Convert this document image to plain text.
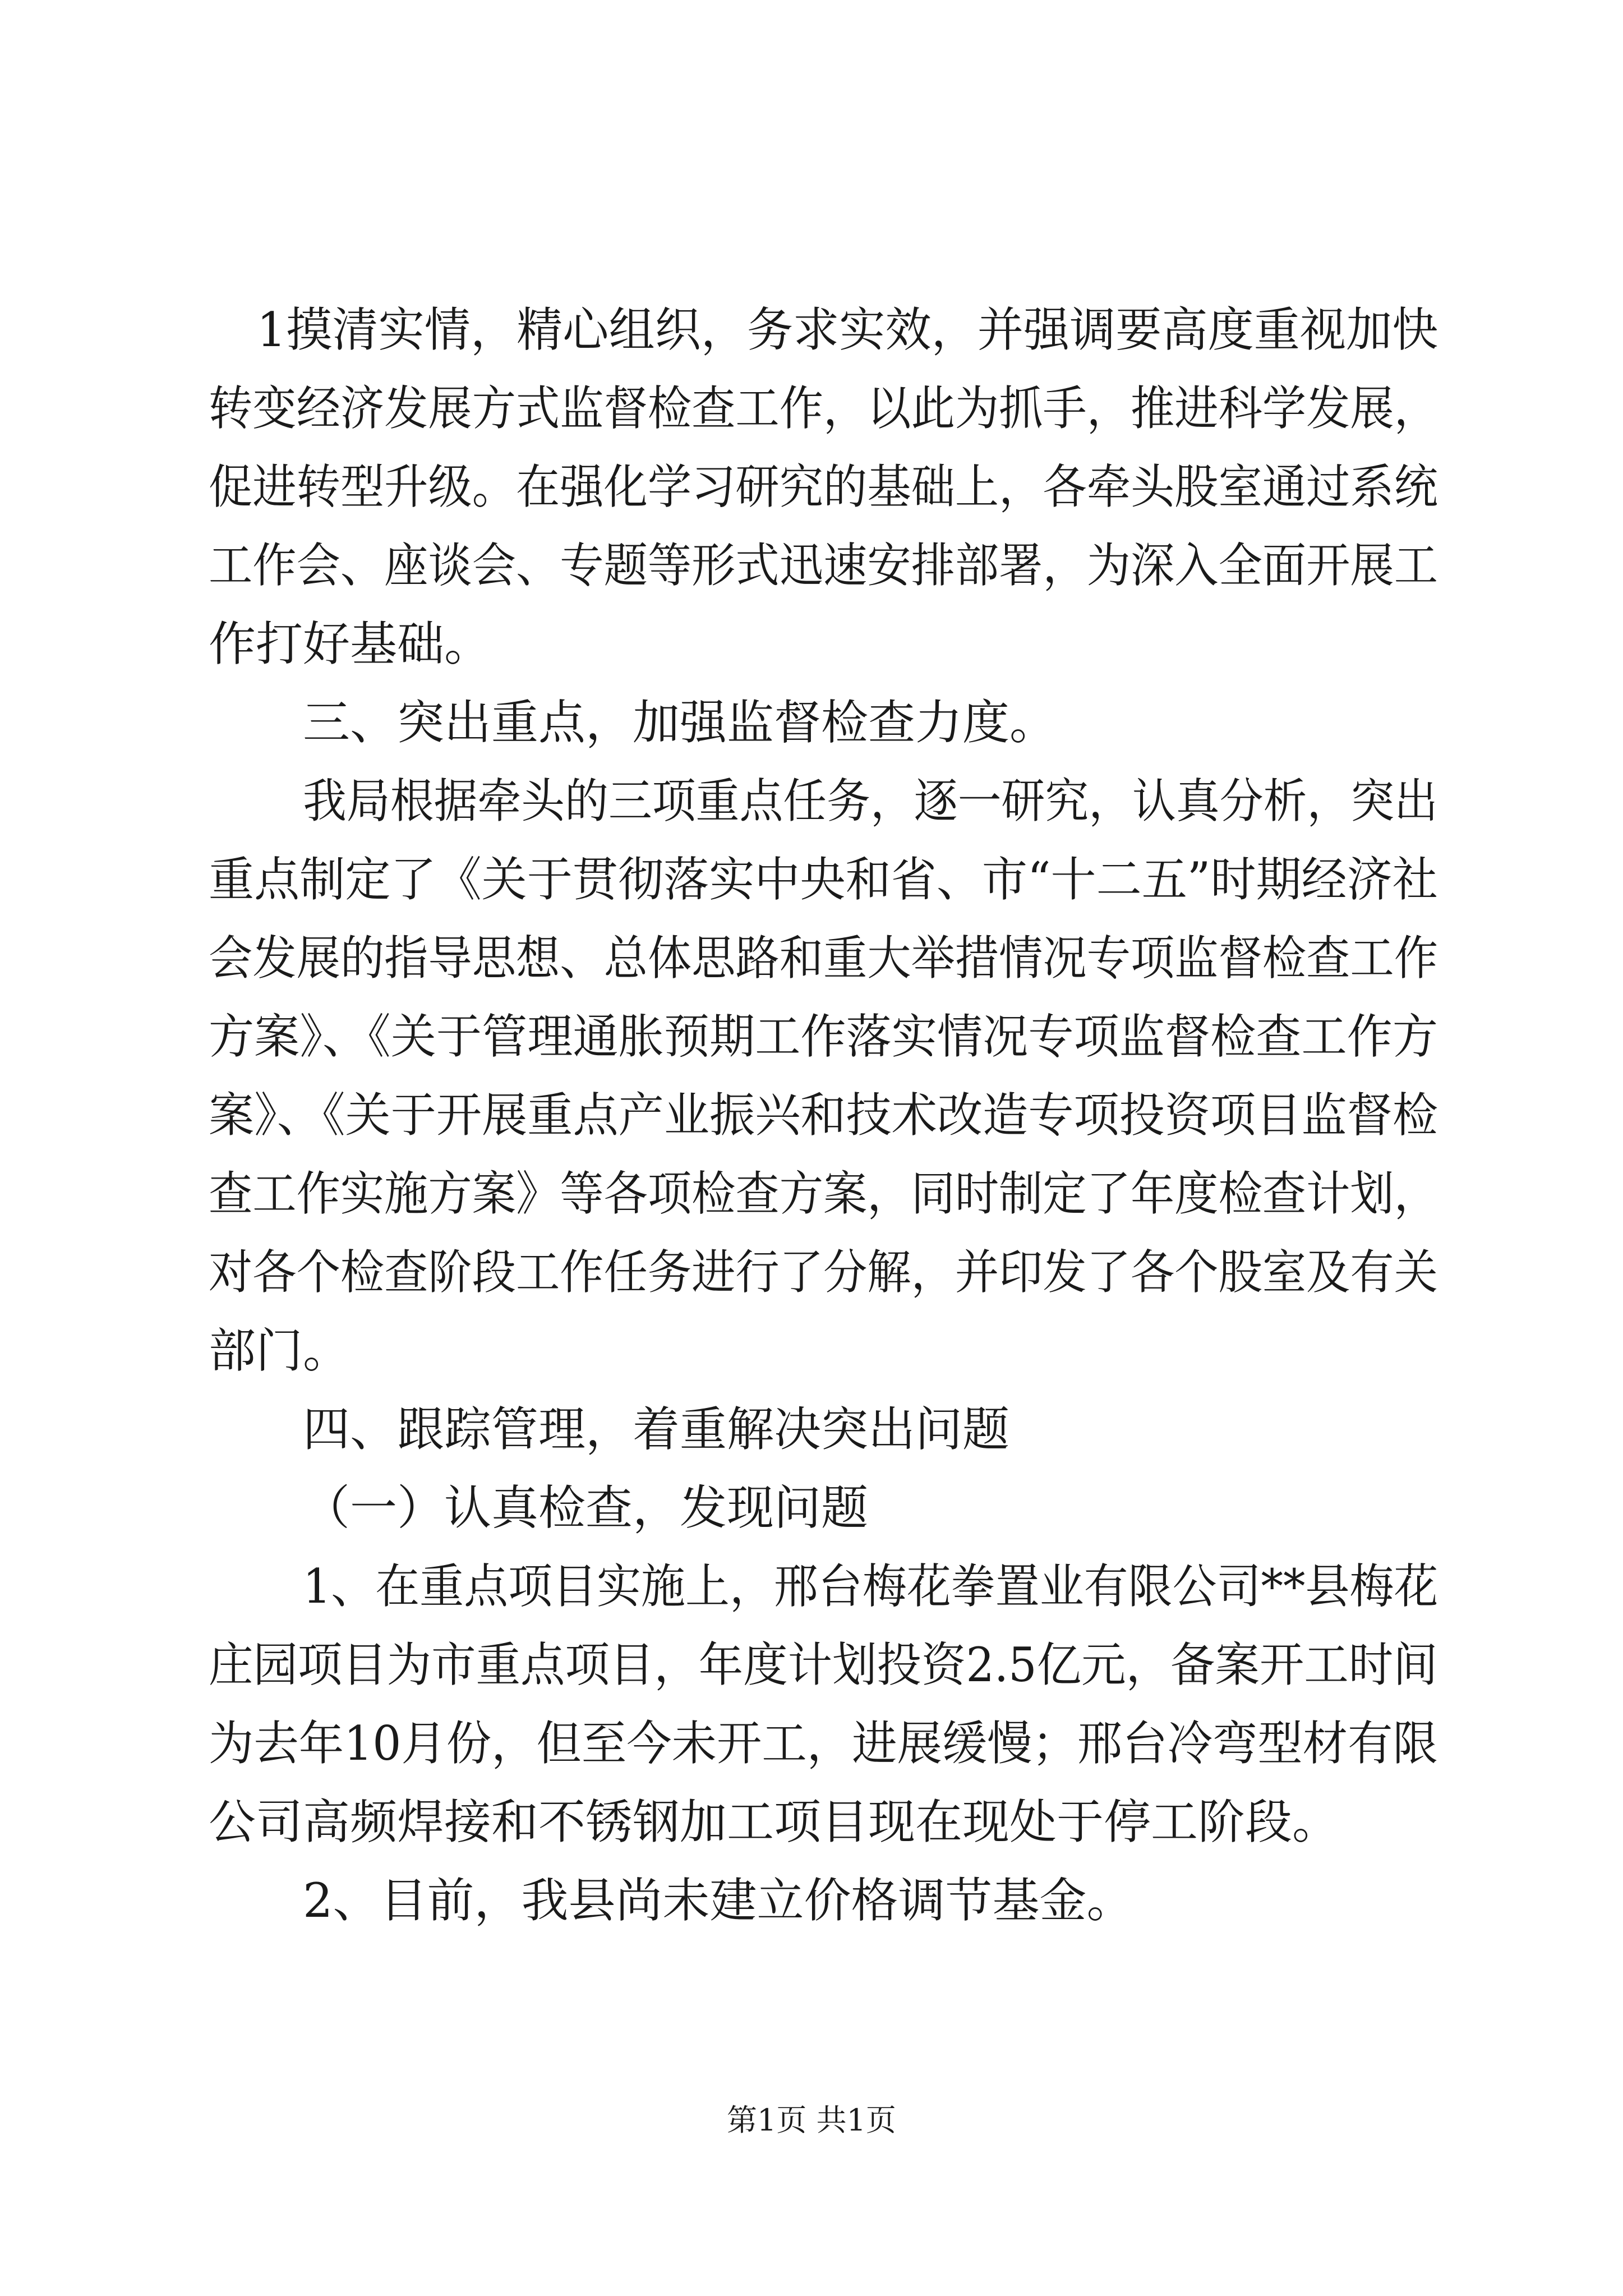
1摸清实情，精心组织，务求实效，并强调要高度重视加快
转变经济发展方式监督检查工作，以此为抓手，推进科学发展，
促进转型升级。在强化学习研究的基础上，各牵头股室通过系统
工作会、座谈会、专题等形式迅速安排部署，为深入全面开展工
作打好基础。
三、突出重点，加强监督检查力度。
我局根据牵头的三项重点任务，逐一研究，认真分析，突出
重点制定了《关于贯彻落实中央和省、市“十二五”时期经济社
会发展的指导思想、总体思路和重大举措情况专项监督检查工作
方案》、《关于管理通胀预期工作落实情况专项监督检查工作方
案》、《关于开展重点产业振兴和技术改造专项投资项目监督检
查工作实施方案》等各项检查方案，同时制定了年度检查计划，
对各个检查阶段工作任务进行了分解，并印发了各个股室及有关
部门。
四、跟踪管理，着重解决突出问题
（一）认真检查，发现问题
1、在重点项目实施上，邢台梅花拳置业有限公司**县梅花
庄园项目为市重点项目，年度计划投资2.5亿元，备案开工时间
为去年10月份，但至今未开工，进展缓慢；邢台冷弯型材有限
公司高频焊接和不锈钢加工项目现在现处于停工阶段。
2、目前，我县尚未建立价格调节基金。
第1页 共1页
